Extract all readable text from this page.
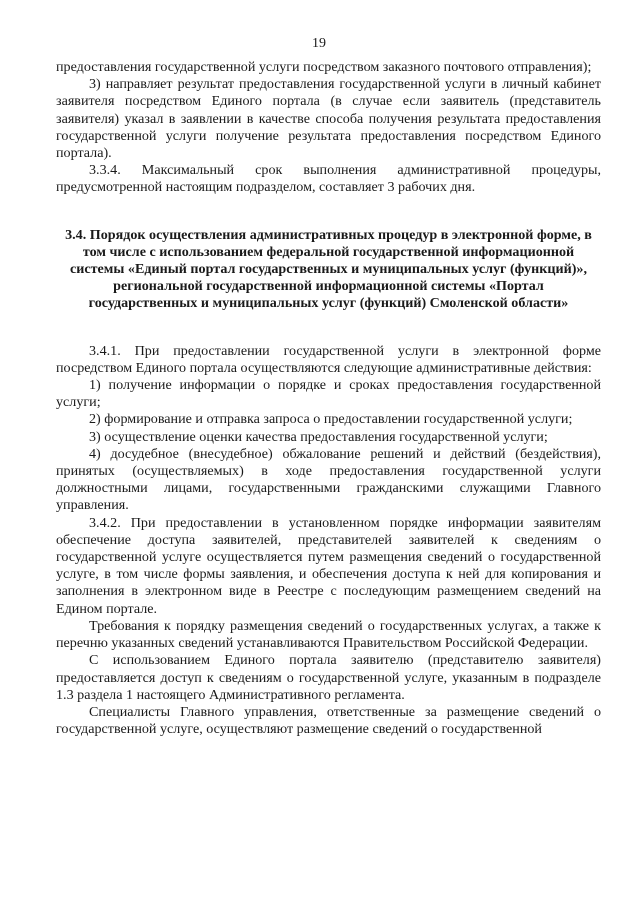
19

предоставления государственной услуги посредством заказного почтового отправления);

3) направляет результат предоставления государственной услуги в личный кабинет заявителя посредством Единого портала (в случае если заявитель (представитель заявителя) указал в заявлении в качестве способа получения результата предоставления государственной услуги получение результата предоставления посредством Единого портала).

3.3.4. Максимальный срок выполнения административной процедуры, предусмотренной настоящим подразделом, составляет 3 рабочих дня.

3.4. Порядок осуществления административных процедур в электронной форме, в том числе с использованием федеральной государственной информационной системы «Единый портал государственных и муниципальных услуг (функций)», региональной государственной информационной системы «Портал государственных и муниципальных услуг (функций) Смоленской области»

3.4.1. При предоставлении государственной услуги в электронной форме посредством Единого портала осуществляются следующие административные действия:

1) получение информации о порядке и сроках предоставления государственной услуги;

2) формирование и отправка запроса о предоставлении государственной услуги;

3) осуществление оценки качества предоставления государственной услуги;

4) досудебное (внесудебное) обжалование решений и действий (бездействия), принятых (осуществляемых) в ходе предоставления государственной услуги должностными лицами, государственными гражданскими служащими Главного управления.

3.4.2. При предоставлении в установленном порядке информации заявителям обеспечение доступа заявителей, представителей заявителей к сведениям о государственной услуге осуществляется путем размещения сведений о государственной услуге, в том числе формы заявления, и обеспечения доступа к ней для копирования и заполнения в электронном виде в Реестре с последующим размещением сведений на Едином портале.

Требования к порядку размещения сведений о государственных услугах, а также к перечню указанных сведений устанавливаются Правительством Российской Федерации.

С использованием Единого портала заявителю (представителю заявителя) предоставляется доступ к сведениям о государственной услуге, указанным в подразделе 1.3 раздела 1 настоящего Административного регламента.

Специалисты Главного управления, ответственные за размещение сведений о государственной услуге, осуществляют размещение сведений о государственной
